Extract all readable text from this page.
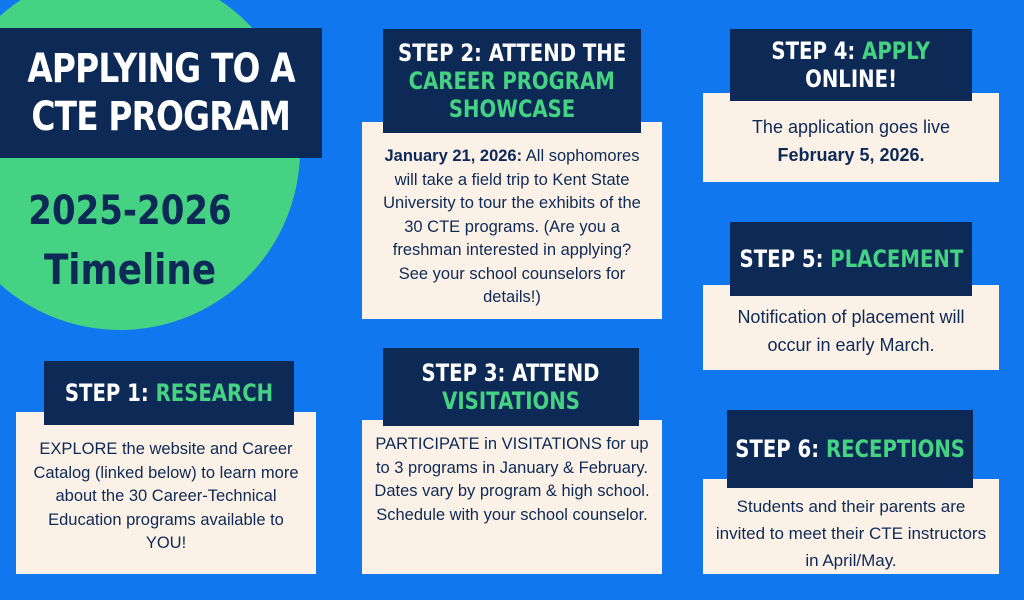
APPLYING TO A
CTE PROGRAM
2025-2026
Timeline
EXPLORE the website and Career Catalog (linked below) to learn more about the 30 Career-Technical Education programs available to YOU!
STEP 1: RESEARCH
January 21, 2026: All sophomores will take a field trip to Kent State University to tour the exhibits of the 30 CTE programs. (Are you a freshman interested in applying? See your school counselors for details!)
STEP 2: ATTEND THE
CAREER PROGRAM
SHOWCASE
PARTICIPATE in VISITATIONS for up to 3 programs in January & February. Dates vary by program & high school. Schedule with your school counselor.
STEP 3: ATTEND
VISITATIONS
The application goes live
February 5, 2026.
STEP 4: APPLY
ONLINE!
Notification of placement will occur in early March.
STEP 5: PLACEMENT
Students and their parents are invited to meet their CTE instructors in April/May.
STEP 6: RECEPTIONS
